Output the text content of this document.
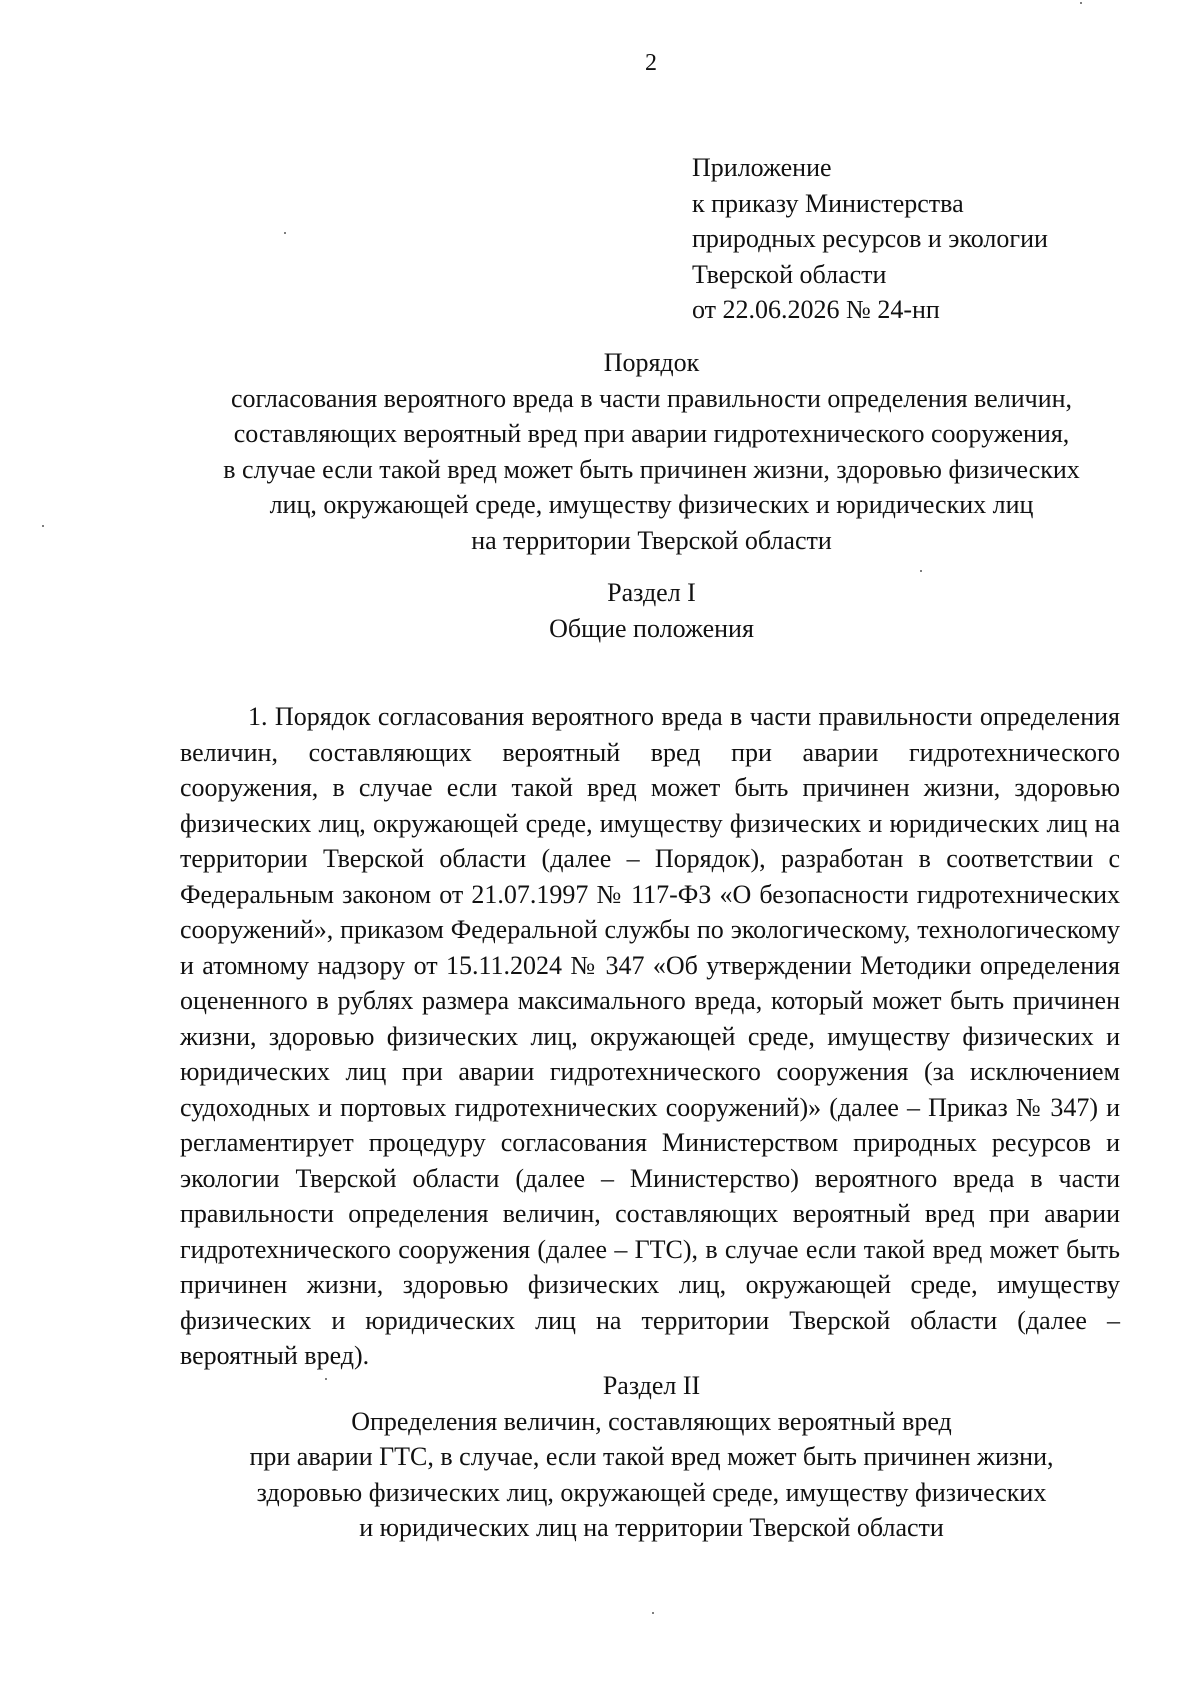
2
Приложение
к приказу Министерства
природных ресурсов и экологии
Тверской области
от 22.06.2026 № 24-нп
Порядок
согласования вероятного вреда в части правильности определения величин,
составляющих вероятный вред при аварии гидротехнического сооружения,
в случае если такой вред может быть причинен жизни, здоровью физических
лиц, окружающей среде, имуществу физических и юридических лиц
на территории Тверской области
Раздел I
Общие положения

1. Порядок согласования вероятного вреда в части правильности определения величин, составляющих вероятный вред при аварии гидротехнического сооружения, в случае если такой вред может быть причинен жизни, здоровью физических лиц, окружающей среде, имуществу физических и юридических лиц на территории Тверской области (далее – Порядок), разработан в соответствии с Федеральным законом от 21.07.1997 № 117-ФЗ «О безопасности гидротехнических сооружений», приказом Федеральной службы по экологическому, технологическому и атомному надзору от 15.11.2024 № 347 «Об утверждении Методики определения оцененного в рублях размера максимального вреда, который может быть причинен жизни, здоровью физических лиц, окружающей среде, имуществу физических и юридических лиц при аварии гидротехнического сооружения (за исключением судоходных и портовых гидротехнических сооружений)» (далее – Приказ № 347) и регламентирует процедуру согласования Министерством природных ресурсов и экологии Тверской области (далее – Министерство) вероятного вреда в части правильности определения величин, составляющих вероятный вред при аварии гидротехнического сооружения (далее – ГТС), в случае если такой вред может быть причинен жизни, здоровью физических лиц, окружающей среде, имуществу физических и юридических лиц на территории Тверской области (далее – вероятный вред).

Раздел II
Определения величин, составляющих вероятный вред
при аварии ГТС, в случае, если такой вред может быть причинен жизни,
здоровью физических лиц, окружающей среде, имуществу физических
и юридических лиц на территории Тверской области
